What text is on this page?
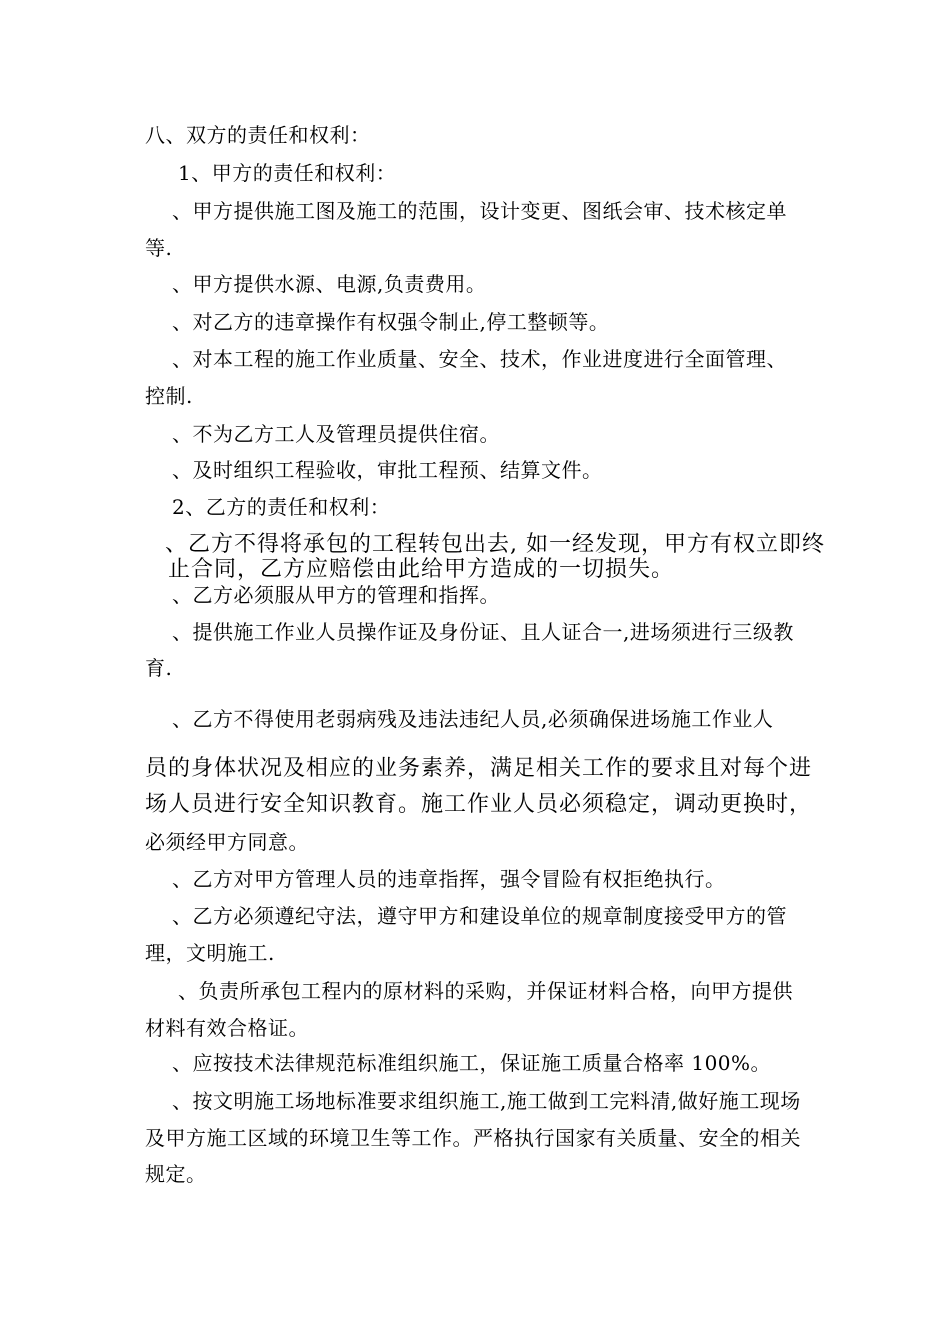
八、双方的责任和权利：
1、甲方的责任和权利：
、甲方提供施工图及施工的范围，设计变更、图纸会审、技术核定单
等.
、甲方提供水源、电源,负责费用。
、对乙方的违章操作有权强令制止,停工整顿等。
、对本工程的施工作业质量、安全、技术，作业进度进行全面管理、
控制.
、不为乙方工人及管理员提供住宿。
、及时组织工程验收，审批工程预、结算文件。
2、乙方的责任和权利：
、乙方不得将承包的工程转包出去, 如一经发现，甲方有权立即终
止合同，乙方应赔偿由此给甲方造成的一切损失。
、乙方必须服从甲方的管理和指挥。
、提供施工作业人员操作证及身份证、且人证合一,进场须进行三级教
育.
、乙方不得使用老弱病残及违法违纪人员,必须确保进场施工作业人
员的身体状况及相应的业务素养，满足相关工作的要求且对每个进
场人员进行安全知识教育。施工作业人员必须稳定，调动更换时，
必须经甲方同意。
、乙方对甲方管理人员的违章指挥，强令冒险有权拒绝执行。
、乙方必须遵纪守法，遵守甲方和建设单位的规章制度接受甲方的管
理，文明施工.
、负责所承包工程内的原材料的采购，并保证材料合格，向甲方提供
材料有效合格证。
、应按技术法律规范标准组织施工，保证施工质量合格率 100%。
、按文明施工场地标准要求组织施工,施工做到工完料清,做好施工现场
及甲方施工区域的环境卫生等工作。严格执行国家有关质量、安全的相关
规定。
